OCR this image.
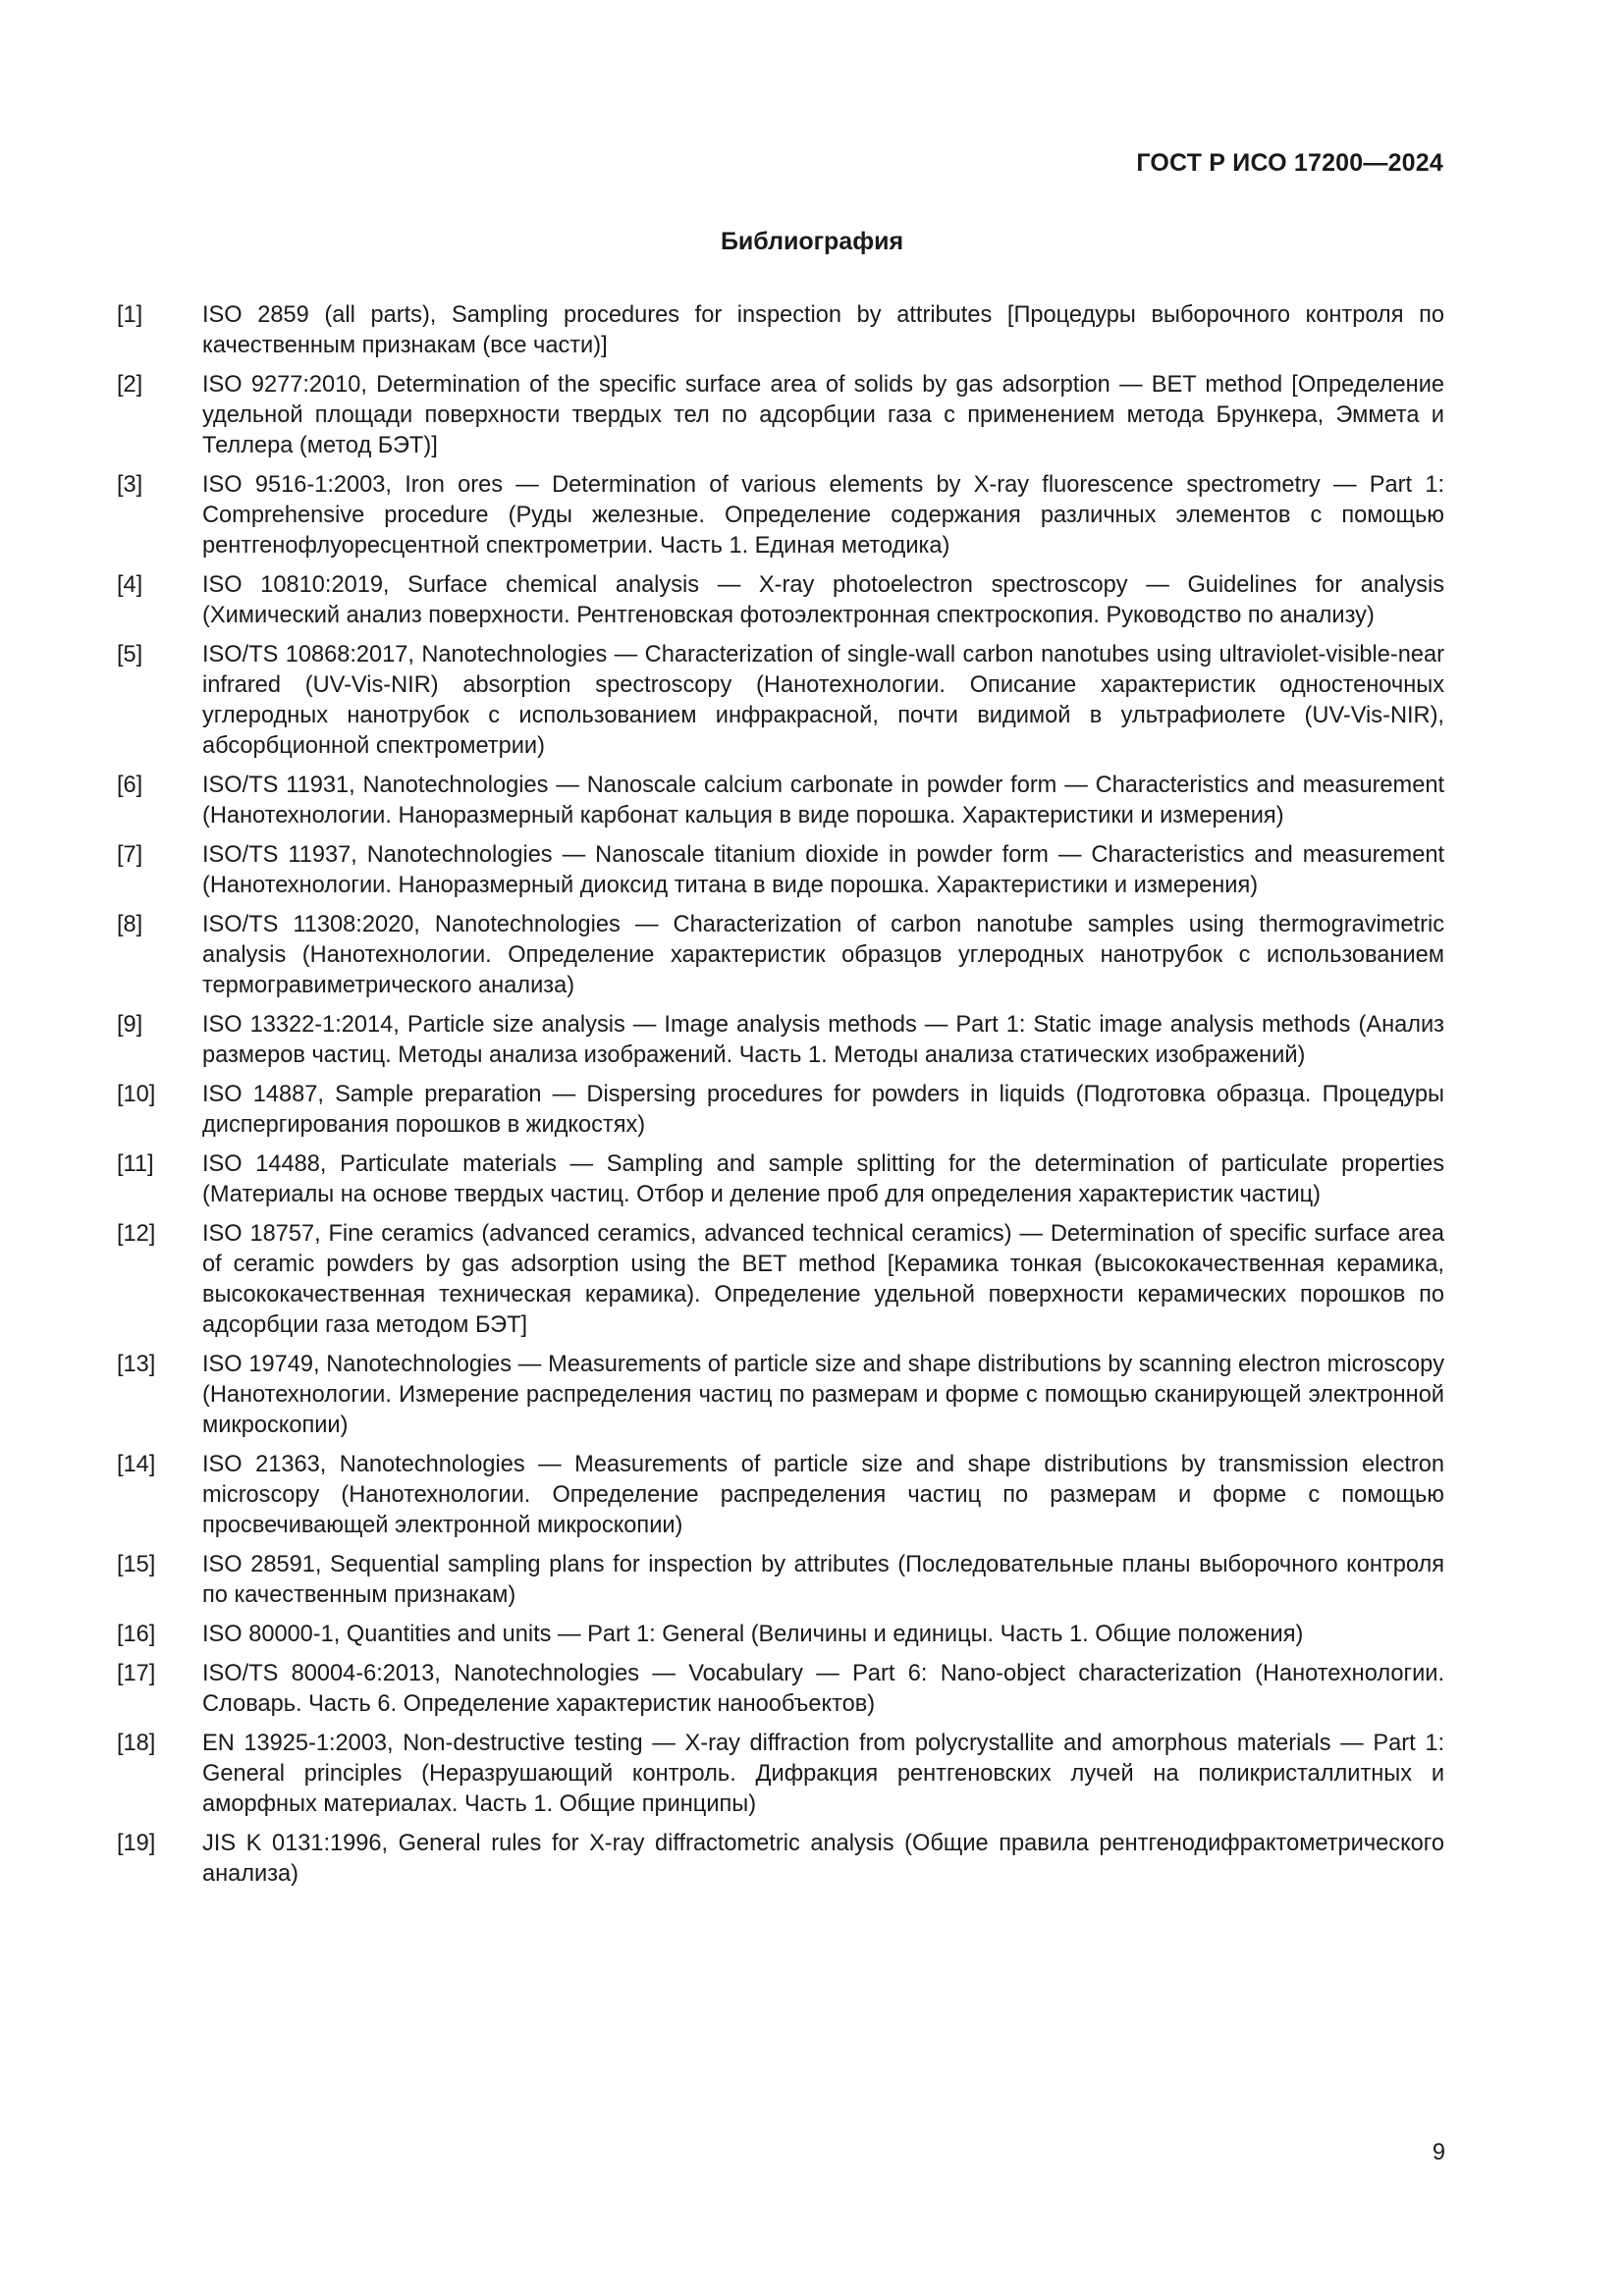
ГОСТ Р ИСО 17200—2024
Библиография
[1]	ISO 2859 (all parts), Sampling procedures for inspection by attributes [Процедуры выборочного контроля по качественным признакам (все части)]
[2]	ISO 9277:2010, Determination of the specific surface area of solids by gas adsorption — BET method [Определение удельной площади поверхности твердых тел по адсорбции газа с применением метода Брункера, Эммета и Теллера (метод БЭТ)]
[3]	ISO 9516-1:2003, Iron ores — Determination of various elements by X-ray fluorescence spectrometry — Part 1: Comprehensive procedure (Руды железные. Определение содержания различных элементов с помощью рентгенофлуоресцентной спектрометрии. Часть 1. Единая методика)
[4]	ISO 10810:2019, Surface chemical analysis — X-ray photoelectron spectroscopy — Guidelines for analysis (Химический анализ поверхности. Рентгеновская фотоэлектронная спектроскопия. Руководство по анализу)
[5]	ISO/TS 10868:2017, Nanotechnologies — Characterization of single-wall carbon nanotubes using ultraviolet-visible-near infrared (UV-Vis-NIR) absorption spectroscopy (Нанотехнологии. Описание характеристик одностеночных углеродных нанотрубок с использованием инфракрасной, почти видимой в ультрафиолете (UV-Vis-NIR), абсорбционной спектрометрии)
[6]	ISO/TS 11931, Nanotechnologies — Nanoscale calcium carbonate in powder form — Characteristics and measurement (Нанотехнологии. Наноразмерный карбонат кальция в виде порошка. Характеристики и измерения)
[7]	ISO/TS 11937, Nanotechnologies — Nanoscale titanium dioxide in powder form — Characteristics and measurement (Нанотехнологии. Наноразмерный диоксид титана в виде порошка. Характеристики и измерения)
[8]	ISO/TS 11308:2020, Nanotechnologies — Characterization of carbon nanotube samples using thermogravimetric analysis (Нанотехнологии. Определение характеристик образцов углеродных нанотрубок с использованием термогравиметрического анализа)
[9]	ISO 13322-1:2014, Particle size analysis — Image analysis methods — Part 1: Static image analysis methods (Анализ размеров частиц. Методы анализа изображений. Часть 1. Методы анализа статических изображений)
[10]	ISO 14887, Sample preparation — Dispersing procedures for powders in liquids (Подготовка образца. Процедуры диспергирования порошков в жидкостях)
[11]	ISO 14488, Particulate materials — Sampling and sample splitting for the determination of particulate properties (Материалы на основе твердых частиц. Отбор и деление проб для определения характеристик частиц)
[12]	ISO 18757, Fine ceramics (advanced ceramics, advanced technical ceramics) — Determination of specific surface area of ceramic powders by gas adsorption using the BET method [Керамика тонкая (высококачественная керамика, высококачественная техническая керамика). Определение удельной поверхности керамических порошков по адсорбции газа методом БЭТ]
[13]	ISO 19749, Nanotechnologies — Measurements of particle size and shape distributions by scanning electron microscopy (Нанотехнологии. Измерение распределения частиц по размерам и форме с помощью сканирующей электронной микроскопии)
[14]	ISO 21363, Nanotechnologies — Measurements of particle size and shape distributions by transmission electron microscopy (Нанотехнологии. Определение распределения частиц по размерам и форме с помощью просвечивающей электронной микроскопии)
[15]	ISO 28591, Sequential sampling plans for inspection by attributes (Последовательные планы выборочного контроля по качественным признакам)
[16]	ISO 80000-1, Quantities and units — Part 1: General (Величины и единицы. Часть 1. Общие положения)
[17]	ISO/TS 80004-6:2013, Nanotechnologies — Vocabulary — Part 6: Nano-object characterization (Нанотехнологии. Словарь. Часть 6. Определение характеристик нанообъектов)
[18]	EN 13925-1:2003, Non-destructive testing — X-ray diffraction from polycrystallite and amorphous materials — Part 1: General principles (Неразрушающий контроль. Дифракция рентгеновских лучей на поликристаллитных и аморфных материалах. Часть 1. Общие принципы)
[19]	JIS K 0131:1996, General rules for X-ray diffractometric analysis (Общие правила рентгенодифрактометрического анализа)
9
